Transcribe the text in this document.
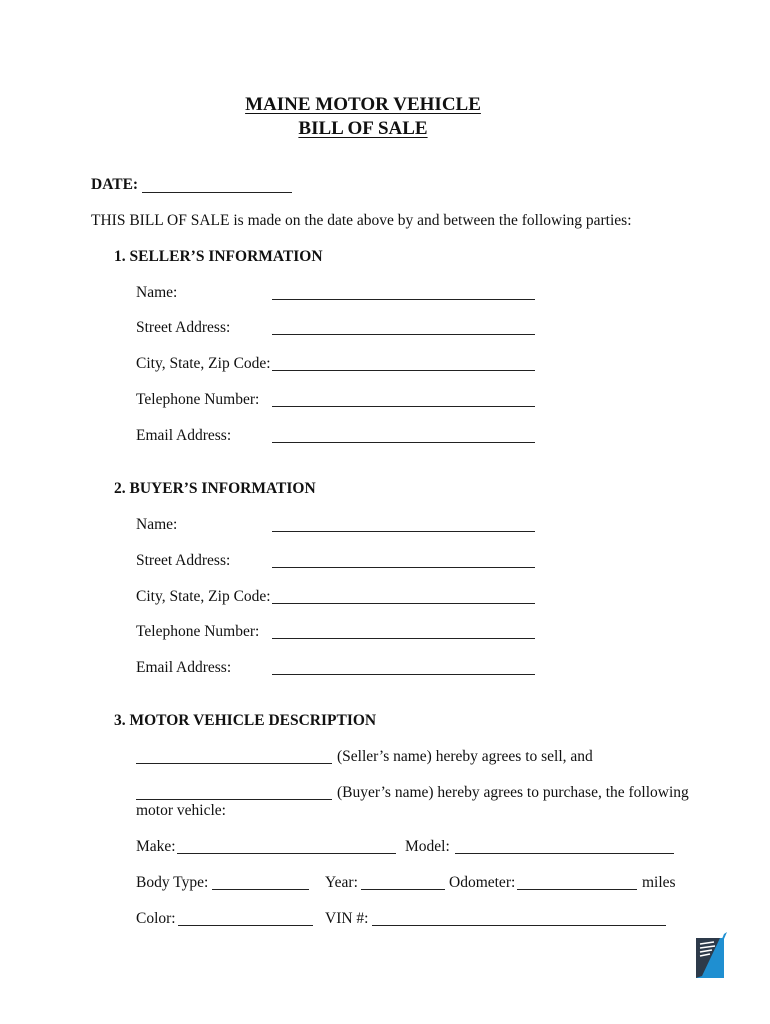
MAINE MOTOR VEHICLE
BILL OF SALE
DATE:
THIS BILL OF SALE is made on the date above by and between the following parties:
1. SELLER’S INFORMATION
Name:
Street Address:
City, State, Zip Code:
Telephone Number:
Email Address:
2. BUYER’S INFORMATION
Name:
Street Address:
City, State, Zip Code:
Telephone Number:
Email Address:
3. MOTOR VEHICLE DESCRIPTION
(Seller’s name) hereby agrees to sell, and
(Buyer’s name) hereby agrees to purchase, the following
motor vehicle:
Make:	Model:
Body Type:	Year:	Odometer:	miles
Color:	VIN #:
